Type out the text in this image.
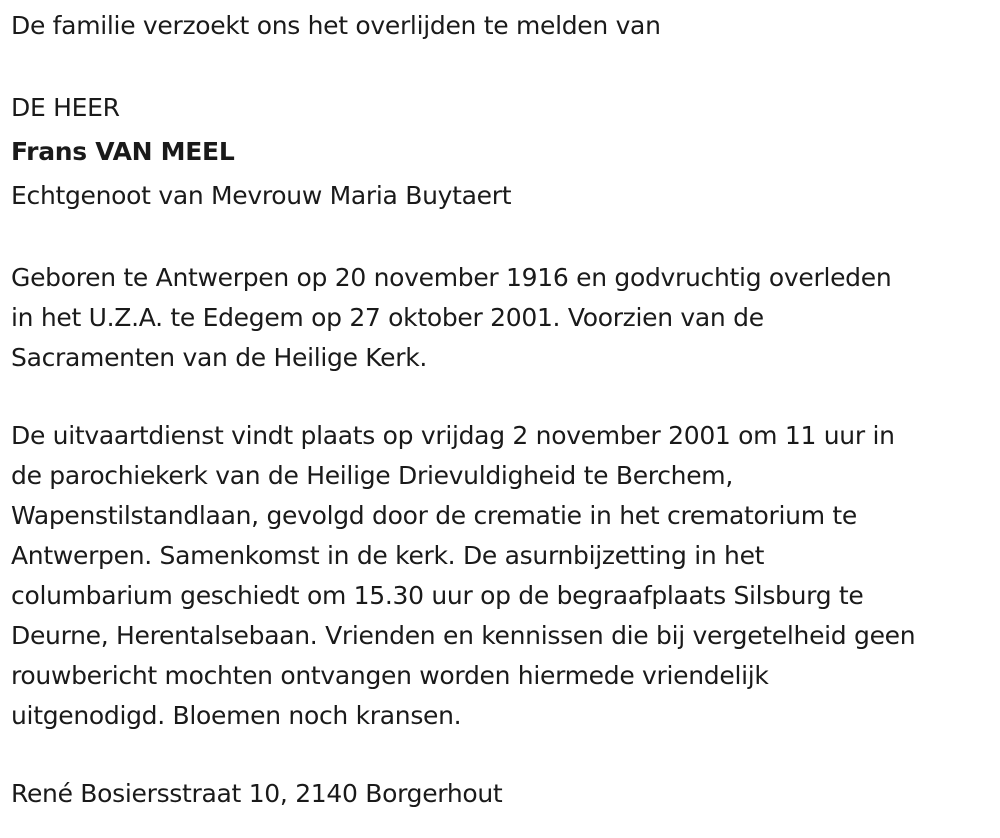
De familie verzoekt ons het overlijden te melden van

DE HEER

Frans VAN MEEL

Echtgenoot van Mevrouw Maria Buytaert

Geboren te Antwerpen op 20 november 1916 en godvruchtig overleden

in het U.Z.A. te Edegem op 27 oktober 2001. Voorzien van de

Sacramenten van de Heilige Kerk.

De uitvaartdienst vindt plaats op vrijdag 2 november 2001 om 11 uur in

de parochiekerk van de Heilige Drievuldigheid te Berchem,

Wapenstilstandlaan, gevolgd door de crematie in het crematorium te

Antwerpen. Samenkomst in de kerk. De asurnbijzetting in het

columbarium geschiedt om 15.30 uur op de begraafplaats Silsburg te

Deurne, Herentalsebaan. Vrienden en kennissen die bij vergetelheid geen

rouwbericht mochten ontvangen worden hiermede vriendelijk

uitgenodigd. Bloemen noch kransen.

René Bosiersstraat 10, 2140 Borgerhout
